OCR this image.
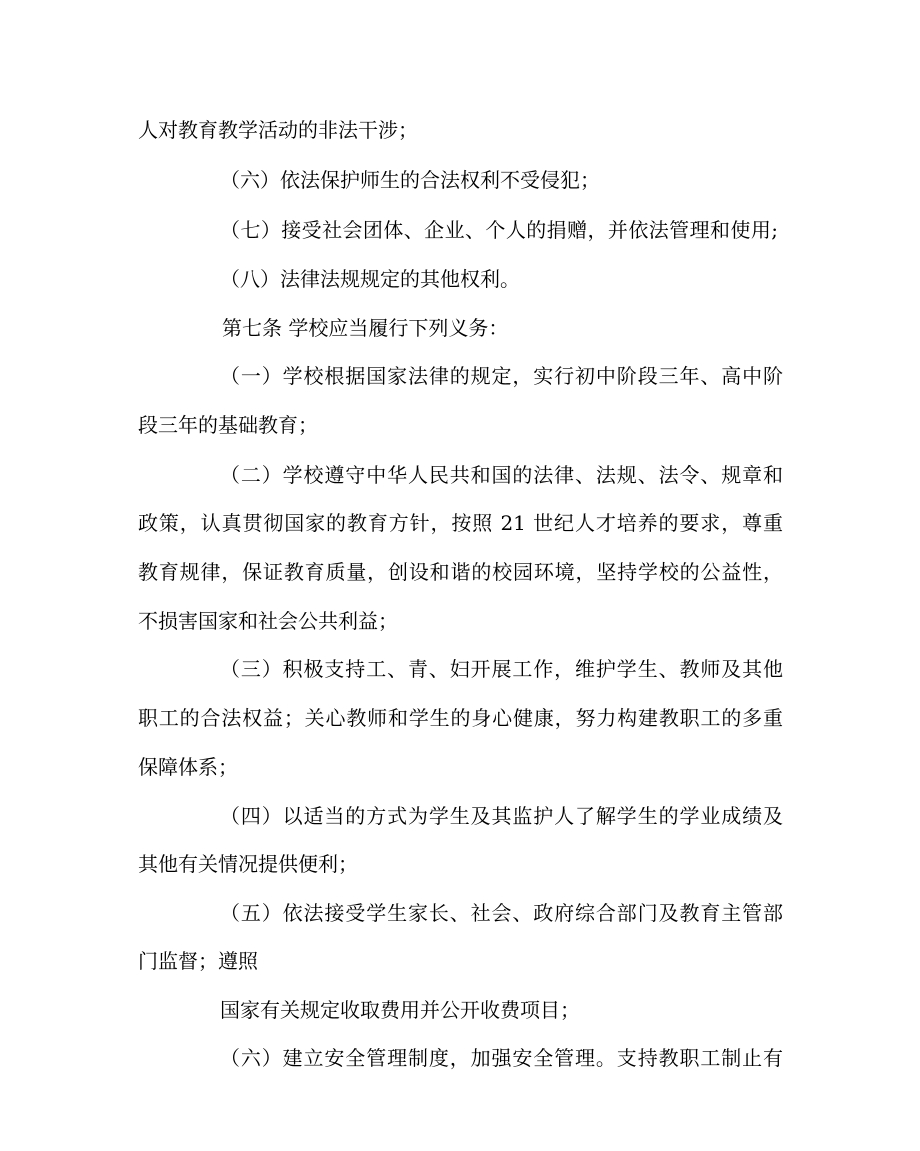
人对教育教学活动的非法干涉；
（六）依法保护师生的合法权利不受侵犯；
（七）接受社会团体、企业、个人的捐赠，并依法管理和使用;
（八）法律法规规定的其他权利。
第七条 学校应当履行下列义务：
（一）学校根据国家法律的规定，实行初中阶段三年、高中阶
段三年的基础教育；
（二）学校遵守中华人民共和国的法律、法规、法令、规章和
政策，认真贯彻国家的教育方针，按照 21 世纪人才培养的要求，尊重
教育规律，保证教育质量，创设和谐的校园环境，坚持学校的公益性，
不损害国家和社会公共利益；
（三）积极支持工、青、妇开展工作，维护学生、教师及其他
职工的合法权益；关心教师和学生的身心健康，努力构建教职工的多重
保障体系；
（四）以适当的方式为学生及其监护人了解学生的学业成绩及
其他有关情况提供便利；
（五）依法接受学生家长、社会、政府综合部门及教育主管部
门监督；遵照
国家有关规定收取费用并公开收费项目；
（六）建立安全管理制度，加强安全管理。支持教职工制止有
